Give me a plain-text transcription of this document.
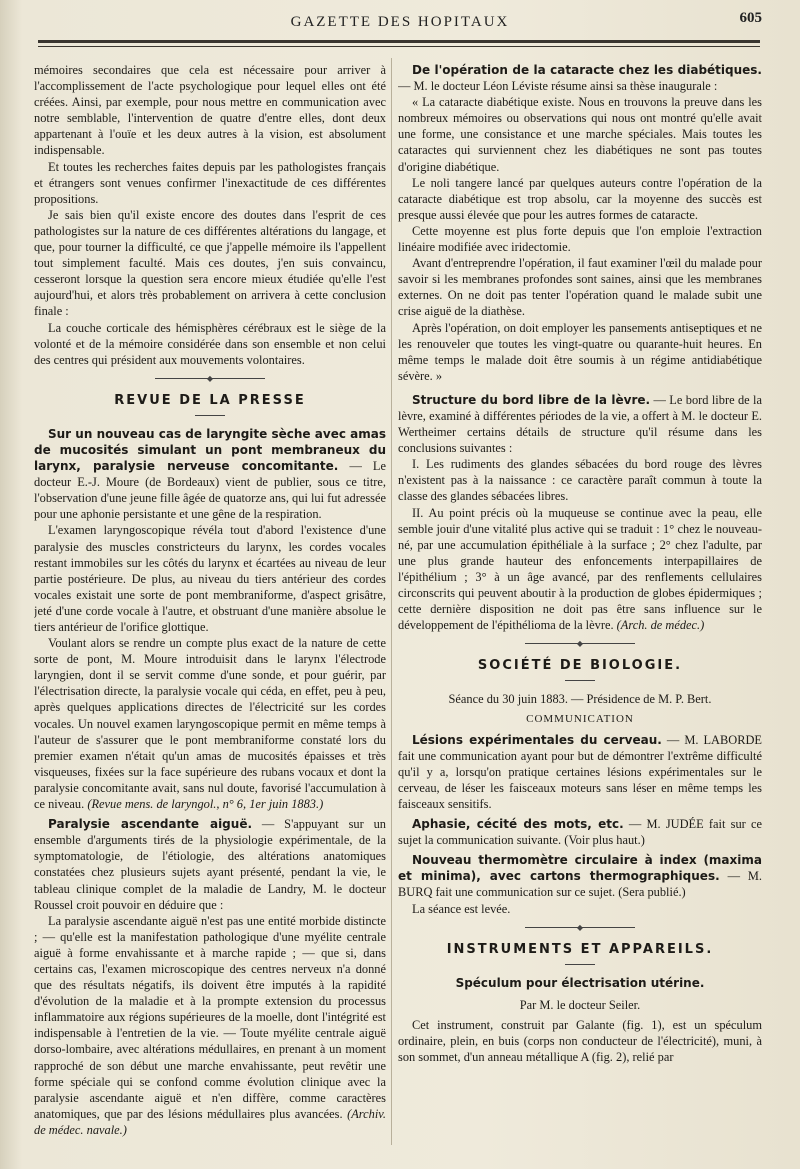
GAZETTE DES HOPITAUX	605

mémoires secondaires que cela est nécessaire pour arriver à l'accomplissement de l'acte psychologique pour lequel elles ont été créées. Ainsi, par exemple, pour nous mettre en communication avec notre semblable, l'intervention de quatre d'entre elles, dont deux appartenant à l'ouïe et les deux autres à la vision, est absolument indispensable.

Et toutes les recherches faites depuis par les pathologistes français et étrangers sont venues confirmer l'inexactitude de ces différentes propositions.

Je sais bien qu'il existe encore des doutes dans l'esprit de ces pathologistes sur la nature de ces différentes altérations du langage, et que, pour tourner la difficulté, ce que j'appelle mémoire ils l'appellent tout simplement faculté. Mais ces doutes, j'en suis convaincu, cesseront lorsque la question sera encore mieux étudiée qu'elle l'est aujourd'hui, et alors très probablement on arrivera à cette conclusion finale :

La couche corticale des hémisphères cérébraux est le siège de la volonté et de la mémoire considérée dans son ensemble et non celui des centres qui président aux mouvements volontaires.

◆
REVUE DE LA PRESSE

Sur un nouveau cas de laryngite sèche avec amas de mucosités simulant un pont membraneux du larynx, paralysie nerveuse concomitante. — Le docteur E.-J. Moure (de Bordeaux) vient de publier, sous ce titre, l'observation d'une jeune fille âgée de quatorze ans, qui lui fut adressée pour une aphonie persistante et une gêne de la respiration.

L'examen laryngoscopique révéla tout d'abord l'existence d'une paralysie des muscles constricteurs du larynx, les cordes vocales restant immobiles sur les côtés du larynx et écartées au niveau de leur partie postérieure. De plus, au niveau du tiers antérieur des cordes vocales existait une sorte de pont membraniforme, d'aspect grisâtre, jeté d'une corde vocale à l'autre, et obstruant d'une manière absolue le tiers antérieur de l'orifice glottique.

Voulant alors se rendre un compte plus exact de la nature de cette sorte de pont, M. Moure introduisit dans le larynx l'électrode laryngien, dont il se servit comme d'une sonde, et pour guérir, par l'électrisation directe, la paralysie vocale qui céda, en effet, peu à peu, après quelques applications directes de l'électricité sur les cordes vocales. Un nouvel examen laryngoscopique permit en même temps à l'auteur de s'assurer que le pont membraniforme constaté lors du premier examen n'était qu'un amas de mucosités épaisses et très visqueuses, fixées sur la face supérieure des rubans vocaux et dont la paralysie concomitante avait, sans nul doute, favorisé l'accumulation à ce niveau. (Revue mens. de laryngol., n° 6, 1er juin 1883.)

Paralysie ascendante aiguë. — S'appuyant sur un ensemble d'arguments tirés de la physiologie expérimentale, de la symptomatologie, de l'étiologie, des altérations anatomiques constatées chez plusieurs sujets ayant présenté, pendant la vie, le tableau clinique complet de la maladie de Landry, M. le docteur Roussel croit pouvoir en déduire que :

La paralysie ascendante aiguë n'est pas une entité morbide distincte ; — qu'elle est la manifestation pathologique d'une myélite centrale aiguë à forme envahissante et à marche rapide ; — que si, dans certains cas, l'examen microscopique des centres nerveux n'a donné que des résultats négatifs, ils doivent être imputés à la rapidité d'évolution de la maladie et à la prompte extension du processus inflammatoire aux régions supérieures de la moelle, dont l'intégrité est indispensable à l'entretien de la vie. — Toute myélite centrale aiguë dorso-lombaire, avec altérations médullaires, en prenant à un moment rapproché de son début une marche envahissante, peut revêtir une forme spéciale qui se confond comme évolution clinique avec la paralysie ascendante aiguë et n'en diffère, comme caractères anatomiques, que par des lésions médullaires plus avancées. (Archiv. de médec. navale.)

De l'opération de la cataracte chez les diabétiques. — M. le docteur Léon Léviste résume ainsi sa thèse inaugurale :

« La cataracte diabétique existe. Nous en trouvons la preuve dans les nombreux mémoires ou observations qui nous ont montré qu'elle avait une forme, une consistance et une marche spéciales. Mais toutes les cataractes qui surviennent chez les diabétiques ne sont pas toutes d'origine diabétique.

Le noli tangere lancé par quelques auteurs contre l'opération de la cataracte diabétique est trop absolu, car la moyenne des succès est presque aussi élevée que pour les autres formes de cataracte.

Cette moyenne est plus forte depuis que l'on emploie l'extraction linéaire modifiée avec iridectomie.

Avant d'entreprendre l'opération, il faut examiner l'œil du malade pour savoir si les membranes profondes sont saines, ainsi que les membranes externes. On ne doit pas tenter l'opération quand le malade subit une crise aiguë de la diathèse.

Après l'opération, on doit employer les pansements antiseptiques et ne les renouveler que toutes les vingt-quatre ou quarante-huit heures. En même temps le malade doit être soumis à un régime antidiabétique sévère. »

Structure du bord libre de la lèvre. — Le bord libre de la lèvre, examiné à différentes périodes de la vie, a offert à M. le docteur E. Wertheimer certains détails de structure qu'il résume dans les conclusions suivantes :

I. Les rudiments des glandes sébacées du bord rouge des lèvres n'existent pas à la naissance : ce caractère paraît commun à toute la classe des glandes sébacées libres.

II. Au point précis où la muqueuse se continue avec la peau, elle semble jouir d'une vitalité plus active qui se traduit : 1° chez le nouveau-né, par une accumulation épithéliale à la surface ; 2° chez l'adulte, par une plus grande hauteur des enfoncements interpapillaires de l'épithélium ; 3° à un âge avancé, par des renflements cellulaires circonscrits qui peuvent aboutir à la production de globes épidermiques ; cette dernière disposition ne doit pas être sans influence sur le développement de l'épithélioma de la lèvre. (Arch. de médec.)

◆
SOCIÉTÉ DE BIOLOGIE.

Séance du 30 juin 1883. — Présidence de M. P. Bert.

COMMUNICATION

Lésions expérimentales du cerveau. — M. LABORDE fait une communication ayant pour but de démontrer l'extrême difficulté qu'il y a, lorsqu'on pratique certaines lésions expérimentales sur le cerveau, de léser les faisceaux moteurs sans léser en même temps les faisceaux sensitifs.

Aphasie, cécité des mots, etc. — M. JUDÉE fait sur ce sujet la communication suivante. (Voir plus haut.)

Nouveau thermomètre circulaire à index (maxima et minima), avec cartons thermographiques. — M. BURQ fait une communication sur ce sujet. (Sera publié.)

La séance est levée.

◆
INSTRUMENTS ET APPAREILS.
Spéculum pour électrisation utérine.

Par M. le docteur Seiler.

Cet instrument, construit par Galante (fig. 1), est un spéculum ordinaire, plein, en buis (corps non conducteur de l'électricité), muni, à son sommet, d'un anneau métallique A (fig. 2), relié par
